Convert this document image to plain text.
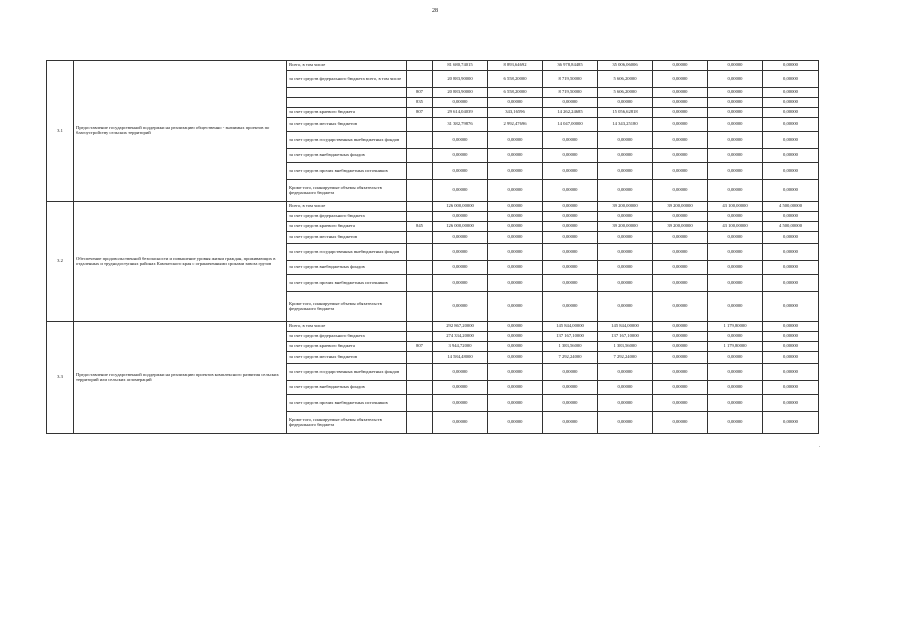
28
3.1	Предоставление государственной поддержки на реализацию общественно - значимых проектов по благоустройству сельских территорий	Всего, в том числе		81 680,74015	8 893,64692	36 978,84485	35 006,06006	0,00000	0,00000	0,00000
		за счет средств федерального бюджета всего, в том числе		20 883,90000	6 558,20000	8 719,50000	5 606,20000	0,00000	0,00000	0,00000
			807	20 883,90000	6 558,20000	8 719,50000	5 606,20000	0,00000	0,00000	0,00000
			835	0,00000	0,00000	0,00000	0,00000	0,00000	0,00000	0,00000
		за счет средств краевого бюджета	807	29 614,04039	343,16596	14 262,24685	15 056,62818	0,00000	0,00000	0,00000
		за счет средств местных бюджетов		31 382,79876	2 992,47696	14 047,00000	14 343,25180	0,00000	0,00000	0,00000
		за счет средств государственных внебюджетных фондов		0,00000	0,00000	0,00000	0,00000	0,00000	0,00000	0,00000
		за счет средств внебюджетных фондов		0,00000	0,00000	0,00000	0,00000	0,00000	0,00000	0,00000
		за счет средств прочих внебюджетных источников		0,00000	0,00000	0,00000	0,00000	0,00000	0,00000	0,00000
		Кроме того, планируемые объемы обязательств федерального бюджета		0,00000	0,00000	0,00000	0,00000	0,00000	0,00000	0,00000
3.2	Обеспечение продовольственной безопасности и повышение уровня жизни граждан, проживающих в отдаленных и труднодоступных районах Камчатского края с ограниченными сроками завоза грузов	Всего, в том числе		126 000,00000	0,00000	0,00000	39 200,00000	39 200,00000	43 100,00000	4 500,00000
		за счет средств федерального бюджета		0,00000	0,00000	0,00000	0,00000	0,00000	0,00000	0,00000
		за счет средств краевого бюджета	845	126 000,00000	0,00000	0,00000	39 200,00000	39 200,00000	43 100,00000	4 500,00000
		за счет средств местных бюджетов		0,00000	0,00000	0,00000	0,00000	0,00000	0,00000	0,00000
		за счет средств государственных внебюджетных фондов		0,00000	0,00000	0,00000	0,00000	0,00000	0,00000	0,00000
		за счет средств внебюджетных фондов		0,00000	0,00000	0,00000	0,00000	0,00000	0,00000	0,00000
		за счет средств прочих внебюджетных источников		0,00000	0,00000	0,00000	0,00000	0,00000	0,00000	0,00000
		Кроме того, планируемые объемы обязательств федерального бюджета		0,00000	0,00000	0,00000	0,00000	0,00000	0,00000	0,00000
3.3	Предоставление государственной поддержки на реализацию проектов комплексного развития сельских территорий или сельских агломераций	Всего, в том числе		292 867,20000	0,00000	145 844,00000	145 844,00000	0,00000	1 179,80000	0,00000
		за счет средств федерального бюджета		274 334,20000	0,00000	137 167,10000	137 167,10000	0,00000	0,00000	0,00000
		за счет средств краевого бюджета	807	3 944,72000	0,00000	1 383,56000	1 383,56000	0,00000	1 179,80000	0,00000
		за счет средств местных бюджетов		14 584,48000	0,00000	7 292,24000	7 292,24000	0,00000	0,00000	0,00000
		за счет средств государственных внебюджетных фондов		0,00000	0,00000	0,00000	0,00000	0,00000	0,00000	0,00000
		за счет средств внебюджетных фондов		0,00000	0,00000	0,00000	0,00000	0,00000	0,00000	0,00000
		за счет средств прочих внебюджетных источников		0,00000	0,00000	0,00000	0,00000	0,00000	0,00000	0,00000
		Кроме того, планируемые объемы обязательств федерального бюджета		0,00000	0,00000	0,00000	0,00000	0,00000	0,00000	0,00000
.
